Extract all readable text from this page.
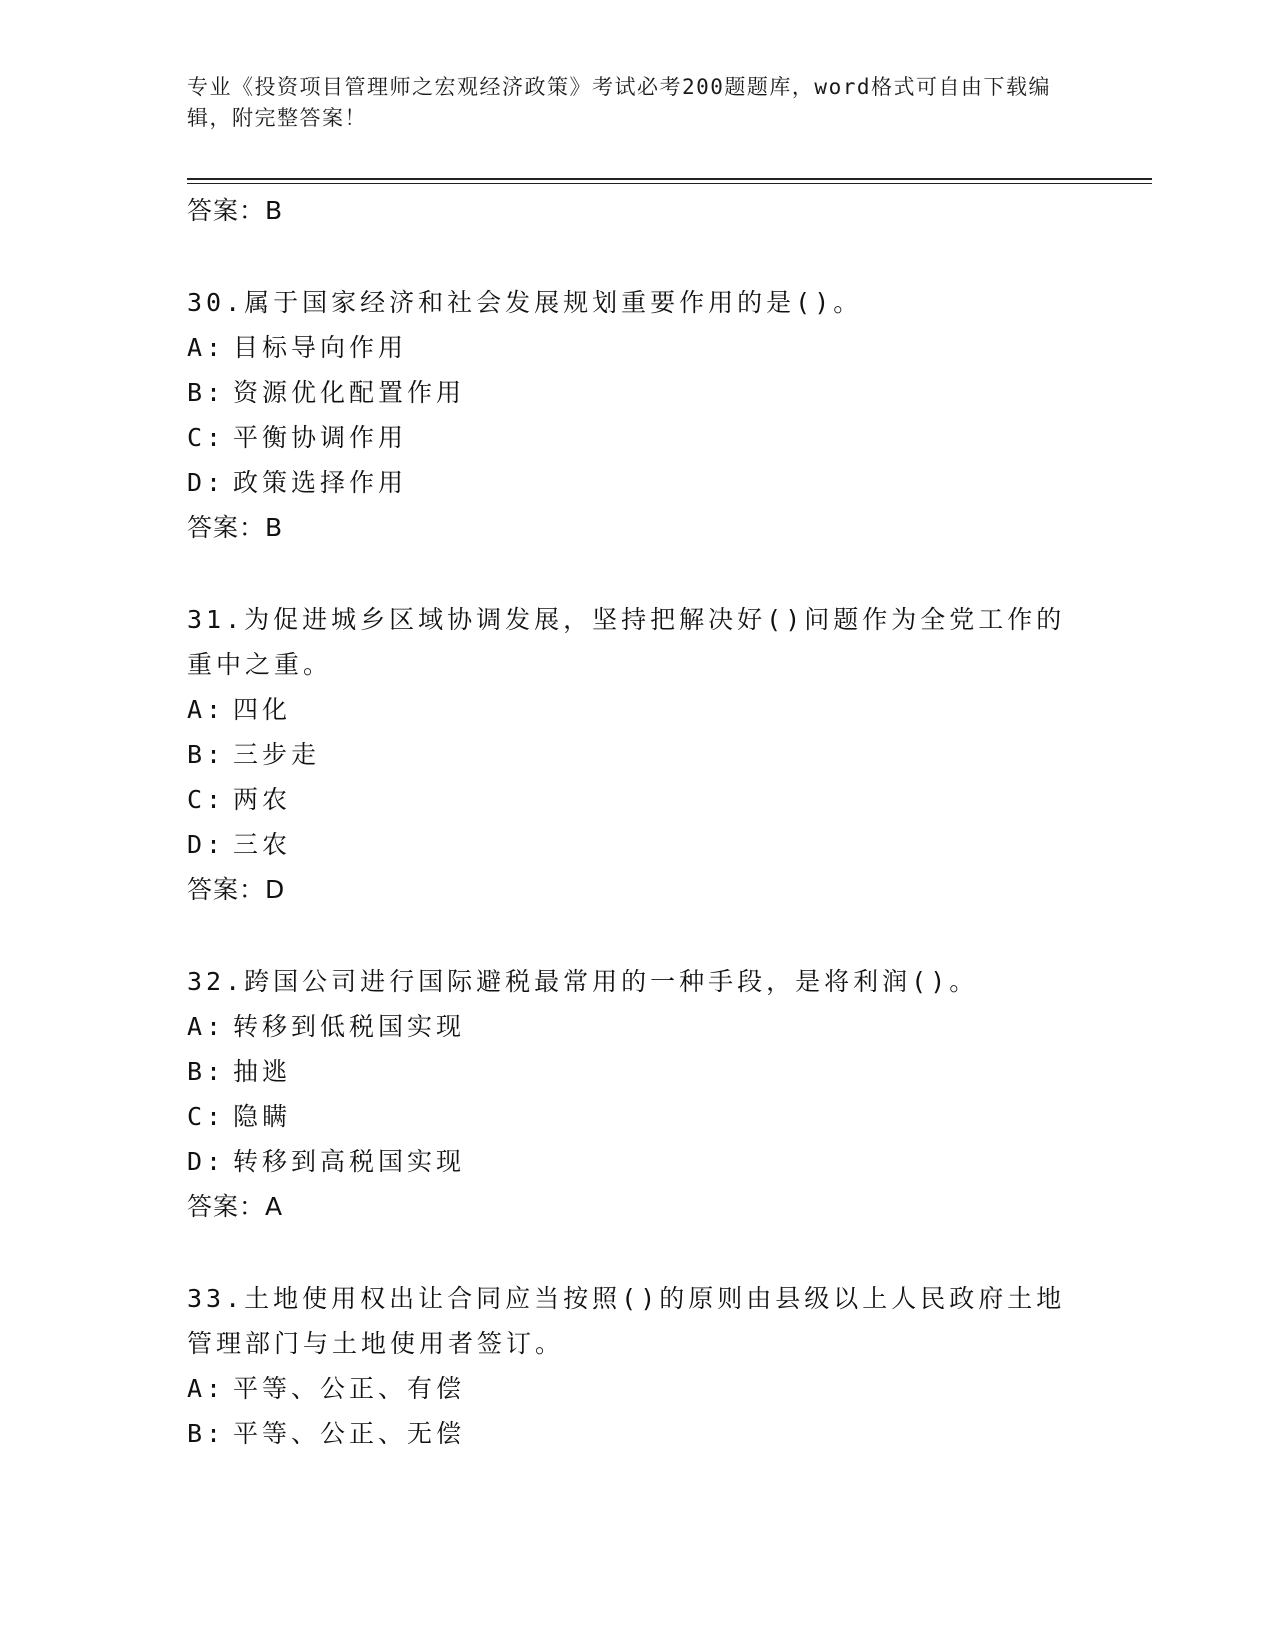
专业《投资项目管理师之宏观经济政策》考试必考200题题库，word格式可自由下载编辑，附完整答案！
答案：B
30.属于国家经济和社会发展规划重要作用的是()。
A: 目标导向作用
B: 资源优化配置作用
C: 平衡协调作用
D: 政策选择作用
答案：B
31.为促进城乡区域协调发展，坚持把解决好()问题作为全党工作的重中之重。
A: 四化
B: 三步走
C: 两农
D: 三农
答案：D
32.跨国公司进行国际避税最常用的一种手段，是将利润()。
A: 转移到低税国实现
B: 抽逃
C: 隐瞒
D: 转移到高税国实现
答案：A
33.土地使用权出让合同应当按照()的原则由县级以上人民政府土地管理部门与土地使用者签订。
A: 平等、公正、有偿
B: 平等、公正、无偿
